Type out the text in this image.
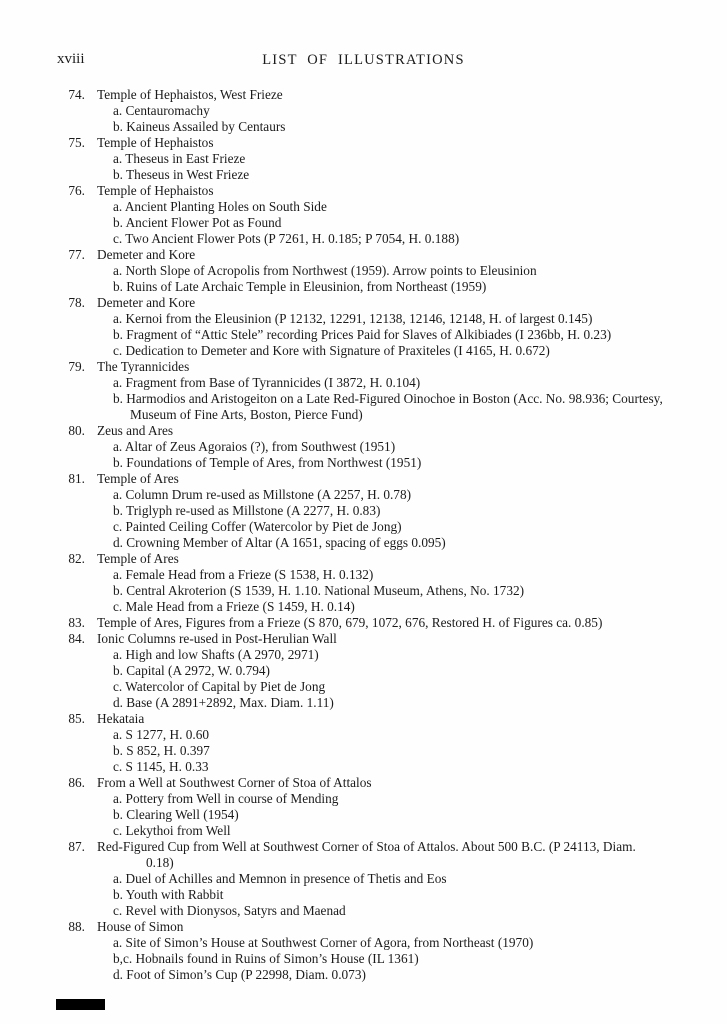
xviii	LIST OF ILLUSTRATIONS
74. Temple of Hephaistos, West Frieze
a. Centauromachy
b. Kaineus Assailed by Centaurs
75. Temple of Hephaistos
a. Theseus in East Frieze
b. Theseus in West Frieze
76. Temple of Hephaistos
a. Ancient Planting Holes on South Side
b. Ancient Flower Pot as Found
c. Two Ancient Flower Pots (P 7261, H. 0.185; P 7054, H. 0.188)
77. Demeter and Kore
a. North Slope of Acropolis from Northwest (1959). Arrow points to Eleusinion
b. Ruins of Late Archaic Temple in Eleusinion, from Northeast (1959)
78. Demeter and Kore
a. Kernoi from the Eleusinion (P 12132, 12291, 12138, 12146, 12148, H. of largest 0.145)
b. Fragment of “Attic Stele” recording Prices Paid for Slaves of Alkibiades (I 236bb, H. 0.23)
c. Dedication to Demeter and Kore with Signature of Praxiteles (I 4165, H. 0.672)
79. The Tyrannicides
a. Fragment from Base of Tyrannicides (I 3872, H. 0.104)
b. Harmodios and Aristogeiton on a Late Red-Figured Oinochoe in Boston (Acc. No. 98.936; Courtesy,
Museum of Fine Arts, Boston, Pierce Fund)
80. Zeus and Ares
a. Altar of Zeus Agoraios (?), from Southwest (1951)
b. Foundations of Temple of Ares, from Northwest (1951)
81. Temple of Ares
a. Column Drum re-used as Millstone (A 2257, H. 0.78)
b. Triglyph re-used as Millstone (A 2277, H. 0.83)
c. Painted Ceiling Coffer (Watercolor by Piet de Jong)
d. Crowning Member of Altar (A 1651, spacing of eggs 0.095)
82. Temple of Ares
a. Female Head from a Frieze (S 1538, H. 0.132)
b. Central Akroterion (S 1539, H. 1.10. National Museum, Athens, No. 1732)
c. Male Head from a Frieze (S 1459, H. 0.14)
83. Temple of Ares, Figures from a Frieze (S 870, 679, 1072, 676, Restored H. of Figures ca. 0.85)
84. Ionic Columns re-used in Post-Herulian Wall
a. High and low Shafts (A 2970, 2971)
b. Capital (A 2972, W. 0.794)
c. Watercolor of Capital by Piet de Jong
d. Base (A 2891+2892, Max. Diam. 1.11)
85. Hekataia
a. S 1277, H. 0.60
b. S 852, H. 0.397
c. S 1145, H. 0.33
86. From a Well at Southwest Corner of Stoa of Attalos
a. Pottery from Well in course of Mending
b. Clearing Well (1954)
c. Lekythoi from Well
87. Red-Figured Cup from Well at Southwest Corner of Stoa of Attalos. About 500 B.C. (P 24113, Diam.
0.18)
a. Duel of Achilles and Memnon in presence of Thetis and Eos
b. Youth with Rabbit
c. Revel with Dionysos, Satyrs and Maenad
88. House of Simon
a. Site of Simon’s House at Southwest Corner of Agora, from Northeast (1970)
b,c. Hobnails found in Ruins of Simon’s House (IL 1361)
d. Foot of Simon’s Cup (P 22998, Diam. 0.073)
